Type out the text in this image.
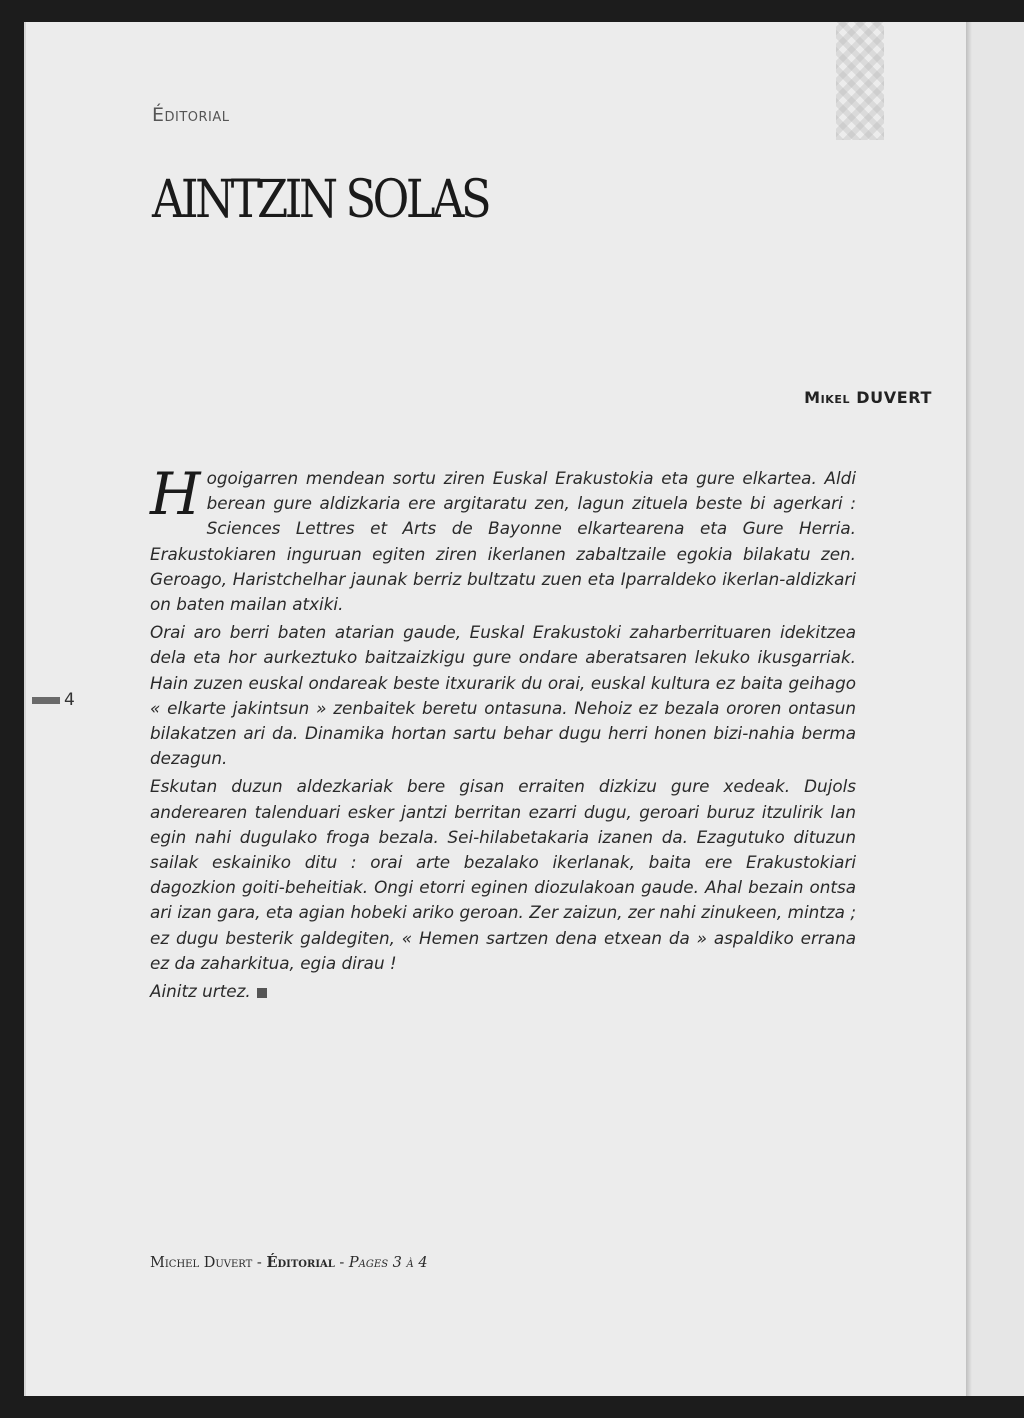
Éditorial
AINTZIN SOLAS
Mikel DUVERT

Hogoigarren mendean sortu ziren Euskal Erakustokia eta gure elkartea. Aldi berean gure aldizkaria ere argitaratu zen, lagun zituela beste bi agerkari : Sciences Lettres et Arts de Bayonne elkartearena eta Gure Herria. Erakustokiaren inguruan egiten ziren ikerlanen zabaltzaile egokia bilakatu zen. Geroago, Haristchelhar jaunak berriz bultzatu zuen eta Iparraldeko ikerlan-aldizkari on baten mailan atxiki.

Orai aro berri baten atarian gaude, Euskal Erakustoki zaharberrituaren idekitzea dela eta hor aurkeztuko baitzaizkigu gure ondare aberatsaren lekuko ikusgarriak. Hain zuzen euskal ondareak beste itxurarik du orai, euskal kultura ez baita geihago « elkarte jakintsun » zenbaitek beretu ontasuna. Nehoiz ez bezala ororen ontasun bilakatzen ari da. Dinamika hortan sartu behar dugu herri honen bizi-nahia berma dezagun.

Eskutan duzun aldezkariak bere gisan erraiten dizkizu gure xedeak. Dujols anderearen talenduari esker jantzi berritan ezarri dugu, geroari buruz itzulirik lan egin nahi dugulako froga bezala. Sei-hilabetakaria izanen da. Ezagutuko dituzun sailak eskainiko ditu : orai arte bezalako ikerlanak, baita ere Erakustokiari dagozkion goiti-beheitiak. Ongi etorri eginen diozulakoan gaude. Ahal bezain ontsa ari izan gara, eta agian hobeki ariko geroan. Zer zaizun, zer nahi zinukeen, mintza ; ez dugu besterik galdegiten, « Hemen sartzen dena etxean da » aspaldiko errana ez da zaharkitua, egia dirau !

Ainitz urtez.

4
Michel Duvert - Éditorial - Pages 3 à 4
